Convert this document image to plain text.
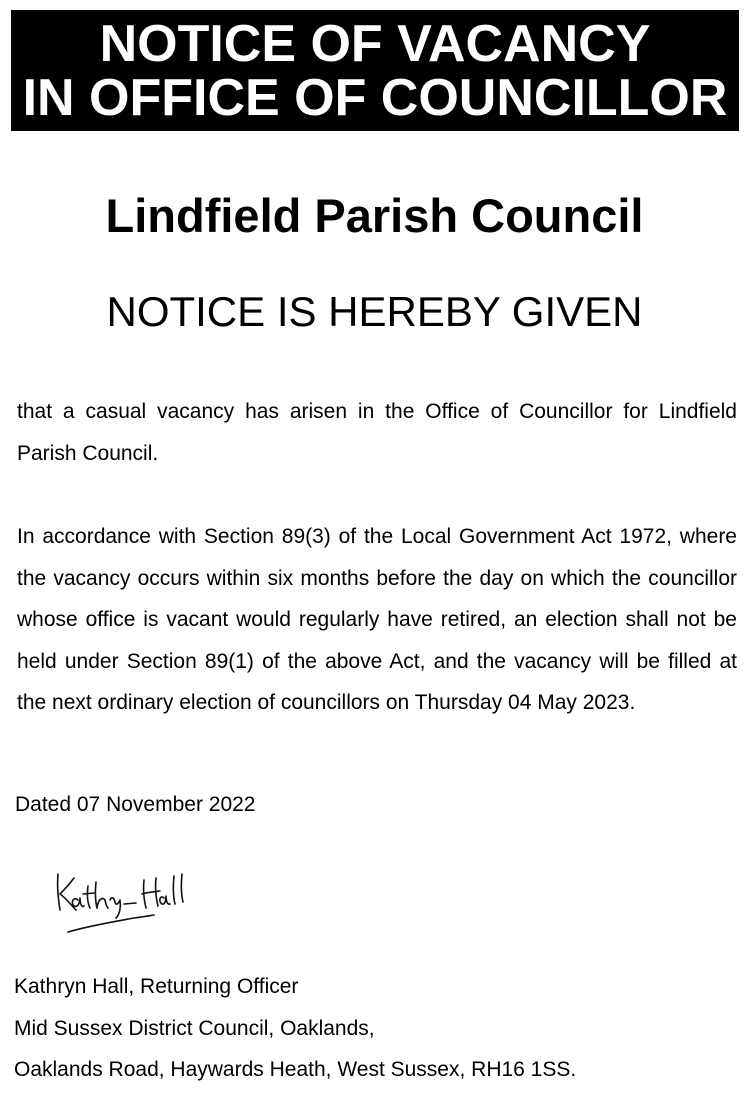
NOTICE OF VACANCY
IN OFFICE OF COUNCILLOR
Lindfield Parish Council
NOTICE IS HEREBY GIVEN

that a casual vacancy has arisen in the Office of Councillor for Lindfield Parish Council.

In accordance with Section 89(3) of the Local Government Act 1972, where the vacancy occurs within six months before the day on which the councillor whose office is vacant would regularly have retired, an election shall not be held under Section 89(1) of the above Act, and the vacancy will be filled at the next ordinary election of councillors on Thursday 04 May 2023.

Dated 07 November 2022
Kathryn Hall, Returning Officer
Mid Sussex District Council, Oaklands,
Oaklands Road, Haywards Heath, West Sussex, RH16 1SS.
